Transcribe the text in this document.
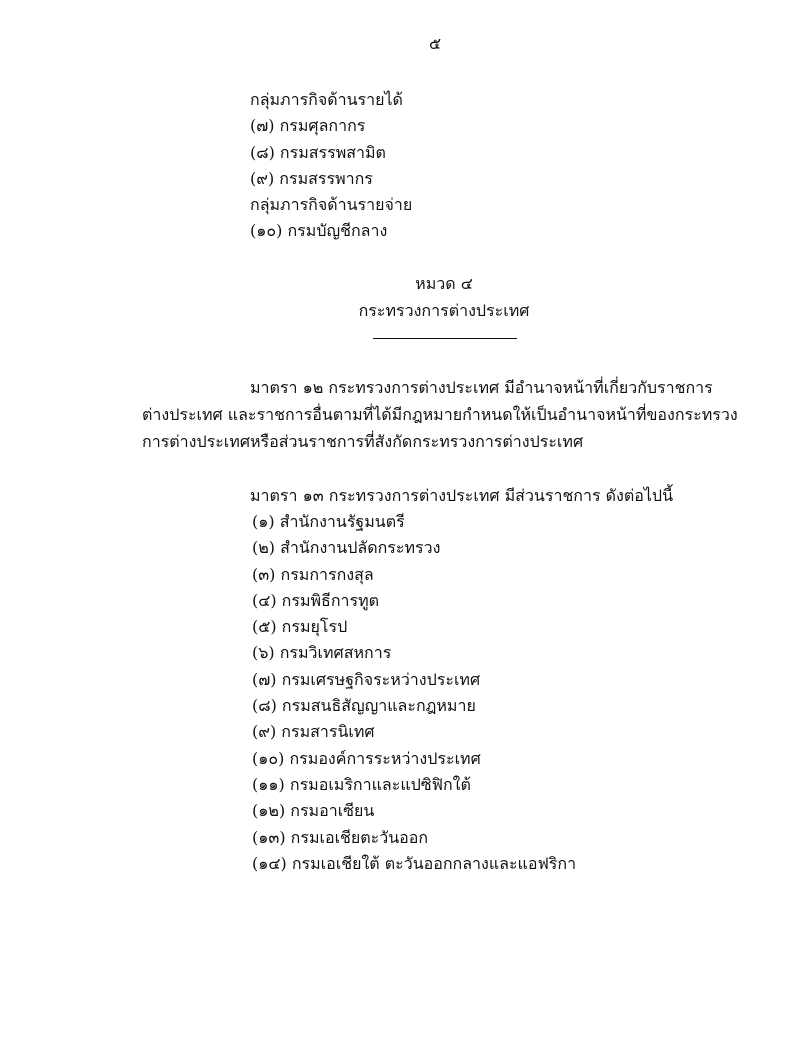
๕
กลุ่มภารกิจด้านรายได้
(๗) กรมศุลกากร
(๘) กรมสรรพสามิต
(๙) กรมสรรพากร
กลุ่มภารกิจด้านรายจ่าย
(๑๐) กรมบัญชีกลาง
หมวด ๔
กระทรวงการต่างประเทศ
มาตรา ๑๒ กระทรวงการต่างประเทศ มีอำนาจหน้าที่เกี่ยวกับราชการ
ต่างประเทศ และราชการอื่นตามที่ได้มีกฎหมายกำหนดให้เป็นอำนาจหน้าที่ของกระทรวง
การต่างประเทศหรือส่วนราชการที่สังกัดกระทรวงการต่างประเทศ
มาตรา ๑๓ กระทรวงการต่างประเทศ มีส่วนราชการ ดังต่อไปนี้
(๑) สำนักงานรัฐมนตรี
(๒) สำนักงานปลัดกระทรวง
(๓) กรมการกงสุล
(๔) กรมพิธีการทูต
(๕) กรมยุโรป
(๖) กรมวิเทศสหการ
(๗) กรมเศรษฐกิจระหว่างประเทศ
(๘) กรมสนธิสัญญาและกฎหมาย
(๙) กรมสารนิเทศ
(๑๐) กรมองค์การระหว่างประเทศ
(๑๑) กรมอเมริกาและแปซิฟิกใต้
(๑๒) กรมอาเซียน
(๑๓) กรมเอเชียตะวันออก
(๑๔) กรมเอเชียใต้ ตะวันออกกลางและแอฟริกา
